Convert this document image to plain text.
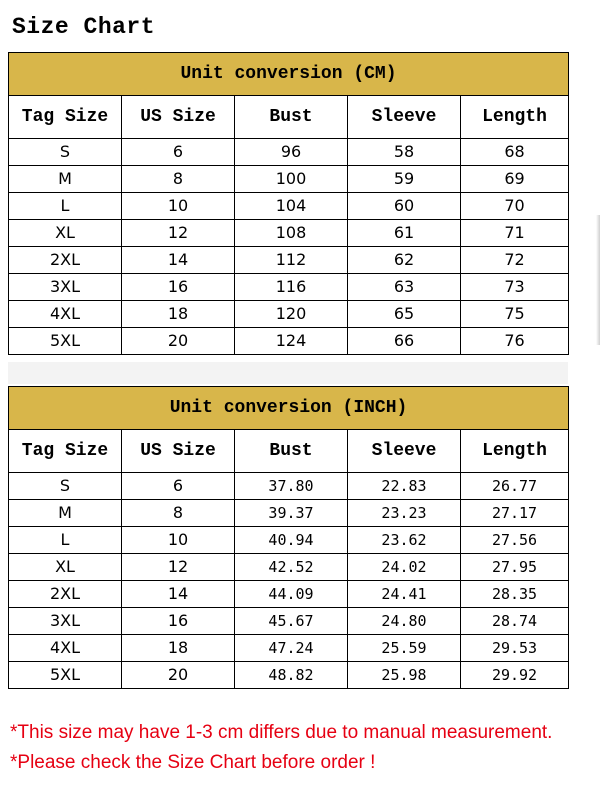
Size Chart
Unit conversion (CM)				
Tag Size	US Size	Bust	Sleeve	Length
S	6	96	58	68
M	8	100	59	69
L	10	104	60	70
XL	12	108	61	71
2XL	14	112	62	72
3XL	16	116	63	73
4XL	18	120	65	75
5XL	20	124	66	76
Unit conversion (INCH)				
Tag Size	US Size	Bust	Sleeve	Length
S	6	37.80	22.83	26.77
M	8	39.37	23.23	27.17
L	10	40.94	23.62	27.56
XL	12	42.52	24.02	27.95
2XL	14	44.09	24.41	28.35
3XL	16	45.67	24.80	28.74
4XL	18	47.24	25.59	29.53
5XL	20	48.82	25.98	29.92
*This size may have 1-3 cm differs due to manual measurement.
*Please check the Size Chart before order !
